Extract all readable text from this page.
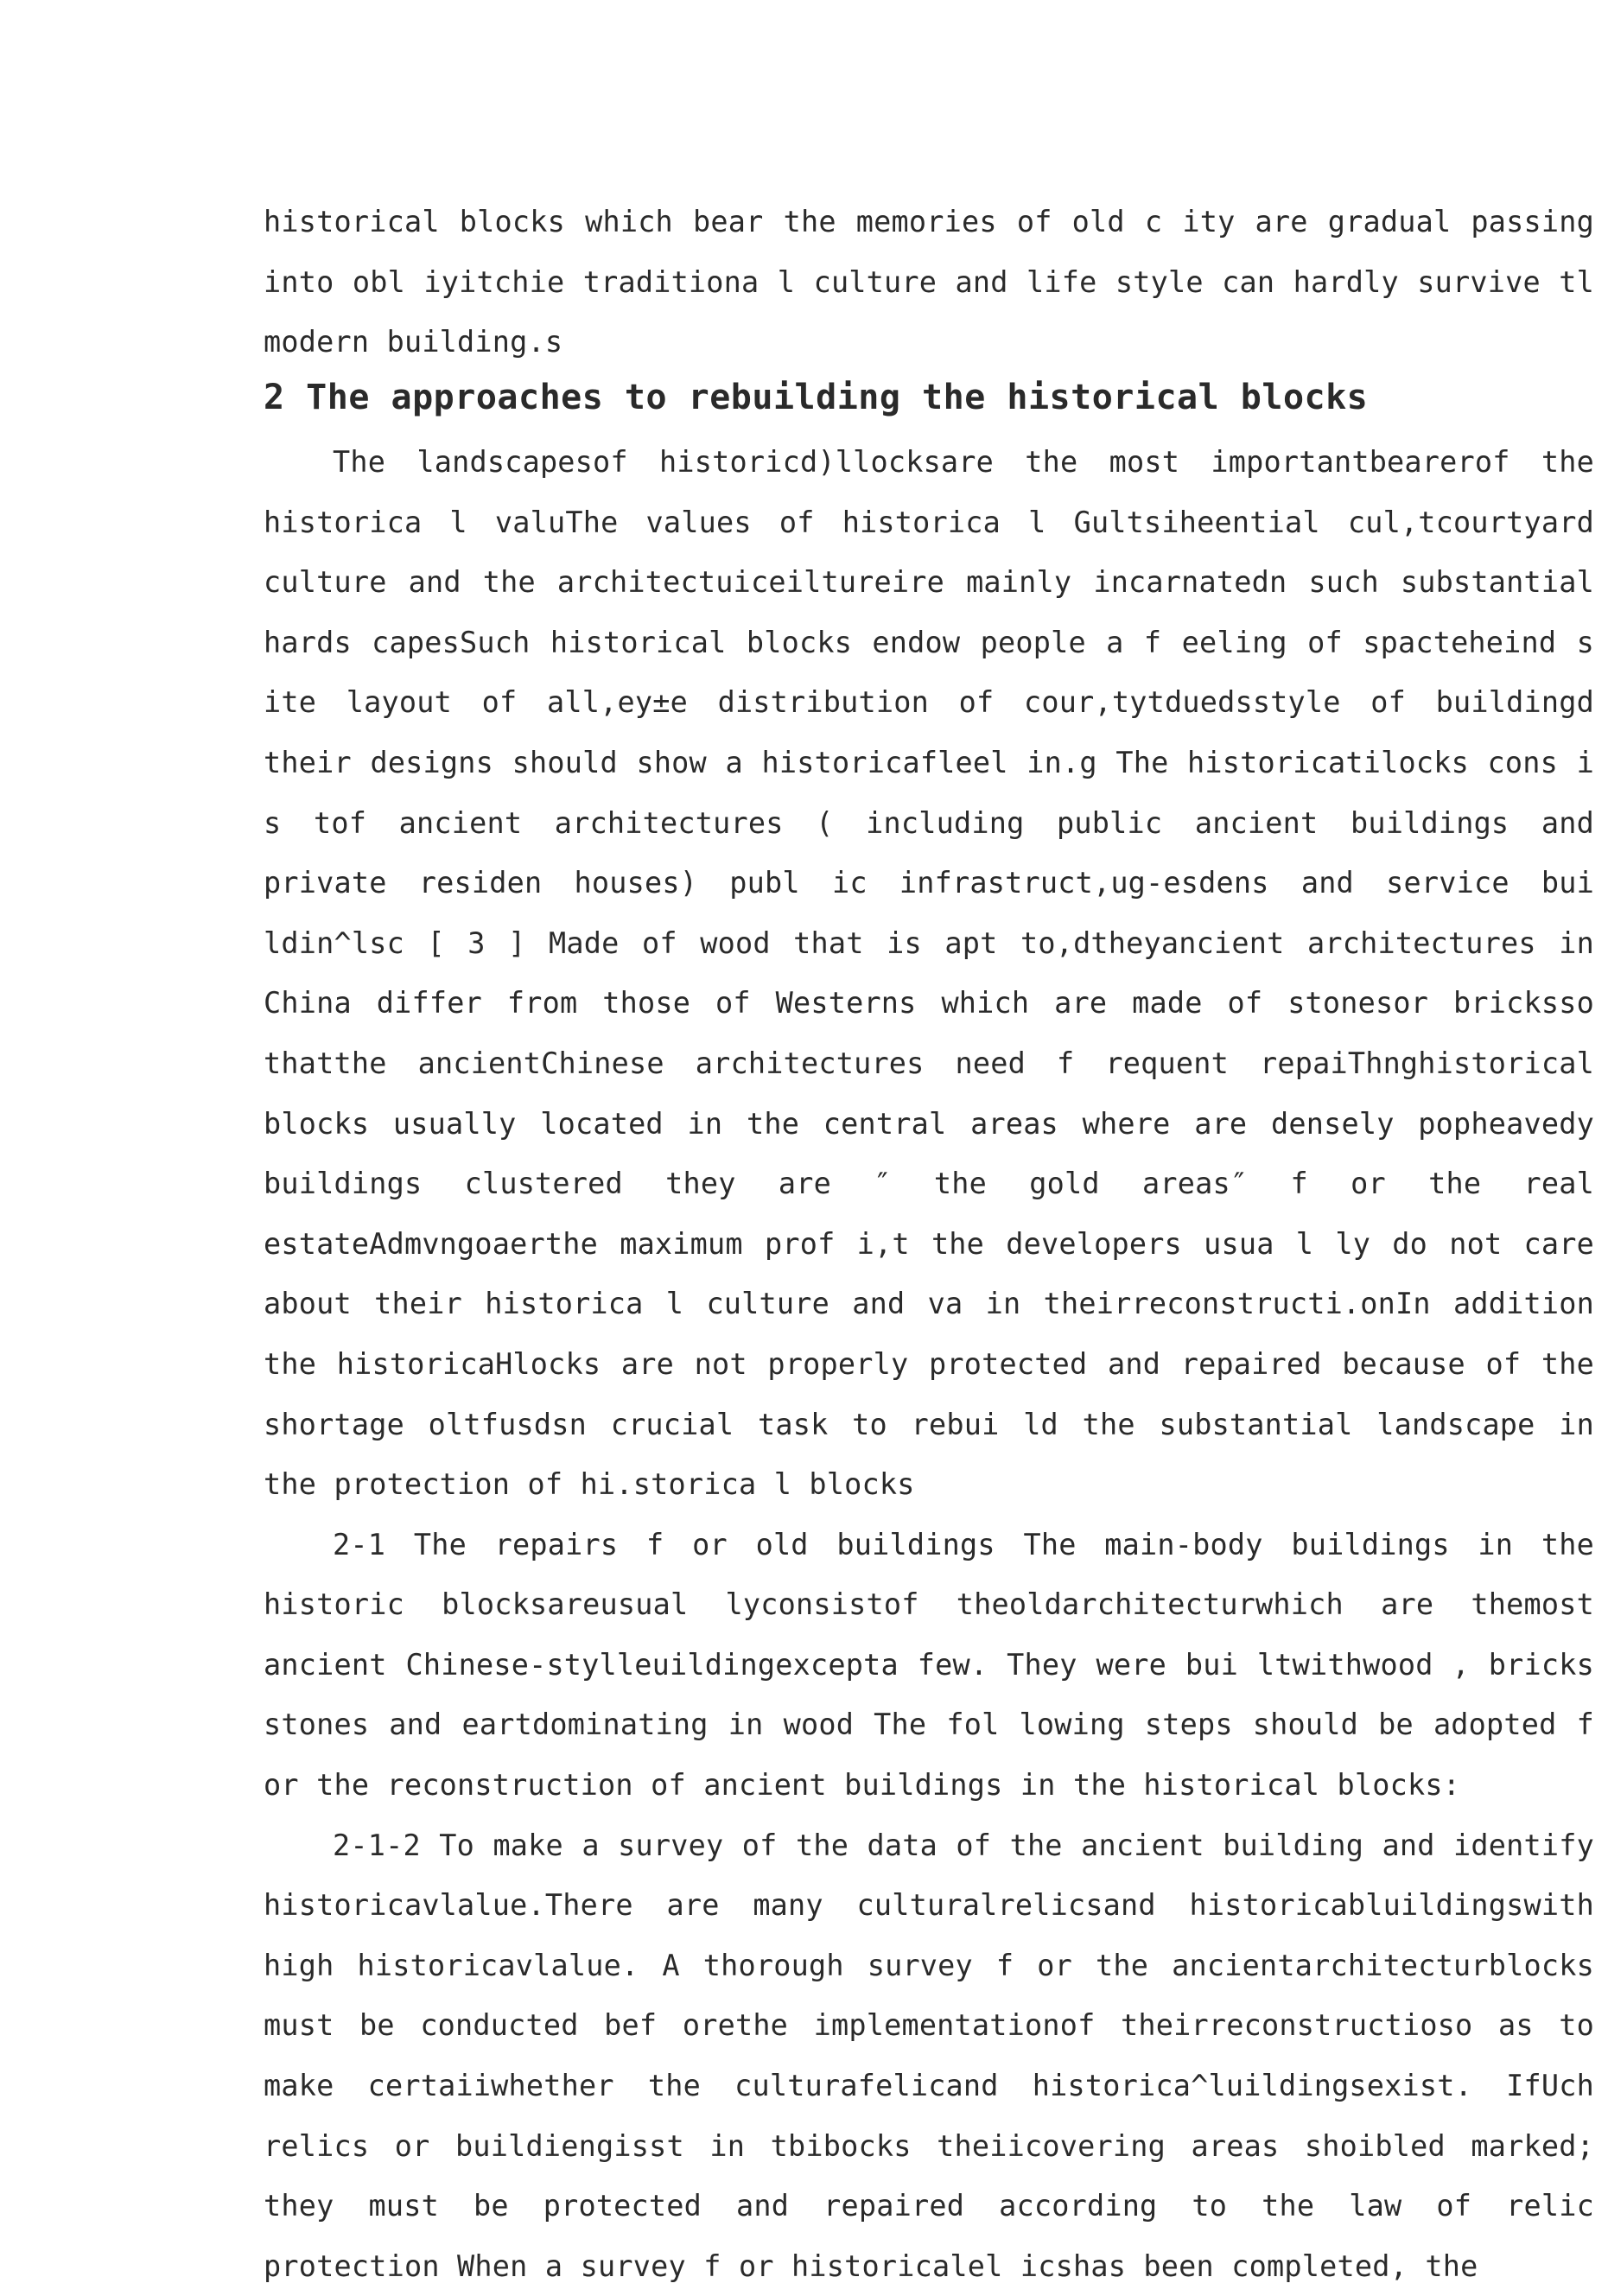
historical blocks which bear the memories of old c ity are gradual passing into obl iyitchie traditiona l culture and life style can hardly survive tl modern building.s

2 The approaches to rebuilding the historical blocks

The landscapesof historicd)llocksare the most importantbearerof the historica l valuThe values of historica l Gultsiheential cul,tcourtyard culture and the architectuiceiltureire mainly incarnatedn such substantial hards capesSuch historical blocks endow people a f eeling of spacteheind s ite layout of all,ey±e distribution of cour,tytduedsstyle of buildingd their designs should show a historicafleel in.g The historicatilocks cons i s tof ancient architectures ( including public ancient buildings and private residen houses) publ ic infrastruct,ug-esdens and service bui ldin^lsc [ 3 ] Made of wood that is apt to,dtheyancient architectures in China differ from those of Westerns which are made of stonesor bricksso thatthe ancientChinese architectures need f requent repaiThnghistorical blocks usually located in the central areas where are densely popheavedy buildings clustered they are ″ the gold areas″ f or the real estateAdmvngoaerthe maximum prof i,t the developers usua l ly do not care about their historica l culture and va in theirreconstructi.onIn addition the historicaHlocks are not properly protected and repaired because of the shortage oltfusdsn crucial task to rebui ld the substantial landscape in the protection of hi.storica l blocks

2-1 The repairs f or old buildings The main-body buildings in the historic blocksareusual lyconsistof theoldarchitecturwhich are themost ancient Chinese-stylleuildingexcepta few. They were bui ltwithwood , bricks stones and eartdominating in wood The fol lowing steps should be adopted f or the reconstruction of ancient buildings in the historical blocks:

2-1-2 To make a survey of the data of the ancient building and identify historicavlalue.There are many culturalrelicsand historicabluildingswith high historicavlalue. A thorough survey f or the ancientarchitecturblocks must be conducted bef orethe implementationof theirreconstructioso as to make certaiiwhether the culturafelicand historica^luildingsexist. IfUch relics or buildiengisst in tbibocks theiicovering areas shoibled marked; they must be protected and repaired according to the law of relic protection When a survey f or historicalel icshas been completed, the
